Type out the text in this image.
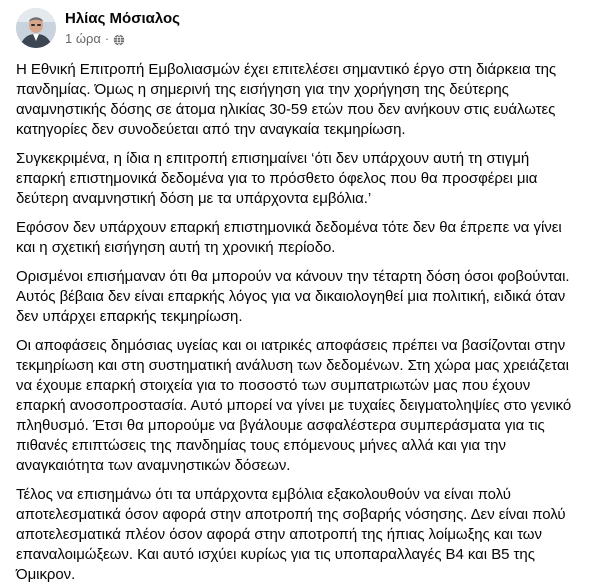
Ηλίας Μόσιαλος
1 ώρα ·

Η Εθνική Επιτροπή Εμβολιασμών έχει επιτελέσει σημαντικό έργο στη διάρκεια της πανδημίας. Όμως η σημερινή της εισήγηση για την χορήγηση της δεύτερης αναμνηστικής δόσης σε άτομα ηλικίας 30-59 ετών που δεν ανήκουν στις ευάλωτες κατηγορίες δεν συνοδεύεται από την αναγκαία τεκμηρίωση.

Συγκεκριμένα, η ίδια η επιτροπή επισημαίνει ‘ότι δεν υπάρχουν αυτή τη στιγμή επαρκή επιστημονικά δεδομένα για το πρόσθετο όφελος που θα προσφέρει μια δεύτερη αναμνηστική δόση με τα υπάρχοντα εμβόλια.’

Εφόσον δεν υπάρχουν επαρκή επιστημονικά δεδομένα τότε δεν θα έπρεπε να γίνει και η σχετική εισήγηση αυτή τη χρονική περίοδο.

Ορισμένοι επισήμαναν ότι θα μπορούν να κάνουν την τέταρτη δόση όσοι φοβούνται. Αυτός βέβαια δεν είναι επαρκής λόγος για να δικαιολογηθεί μια πολιτική, ειδικά όταν δεν υπάρχει επαρκής τεκμηρίωση.

Οι αποφάσεις δημόσιας υγείας και οι ιατρικές αποφάσεις πρέπει να βασίζονται στην τεκμηρίωση και στη συστηματική ανάλυση των δεδομένων. Στη χώρα μας χρειάζεται να έχουμε επαρκή στοιχεία για το ποσοστό των συμπατριωτών μας που έχουν επαρκή ανοσοπροστασία. Αυτό μπορεί να γίνει με τυχαίες δειγματοληψίες στο γενικό πληθυσμό. Έτσι θα μπορούμε να βγάλουμε ασφαλέστερα συμπεράσματα για τις πιθανές επιπτώσεις της πανδημίας τους επόμενους μήνες αλλά και για την αναγκαιότητα των αναμνηστικών δόσεων.

Τέλος να επισημάνω ότι τα υπάρχοντα εμβόλια εξακολουθούν να είναι πολύ αποτελεσματικά όσον αφορά στην αποτροπή της σοβαρής νόσησης. Δεν είναι πολύ αποτελεσματικά πλέον όσον αφορά στην αποτροπή της ήπιας λοίμωξης και των επαναλοιμώξεων. Και αυτό ισχύει κυρίως για τις υποπαραλλαγές Β4 και Β5 της Όμικρον.
